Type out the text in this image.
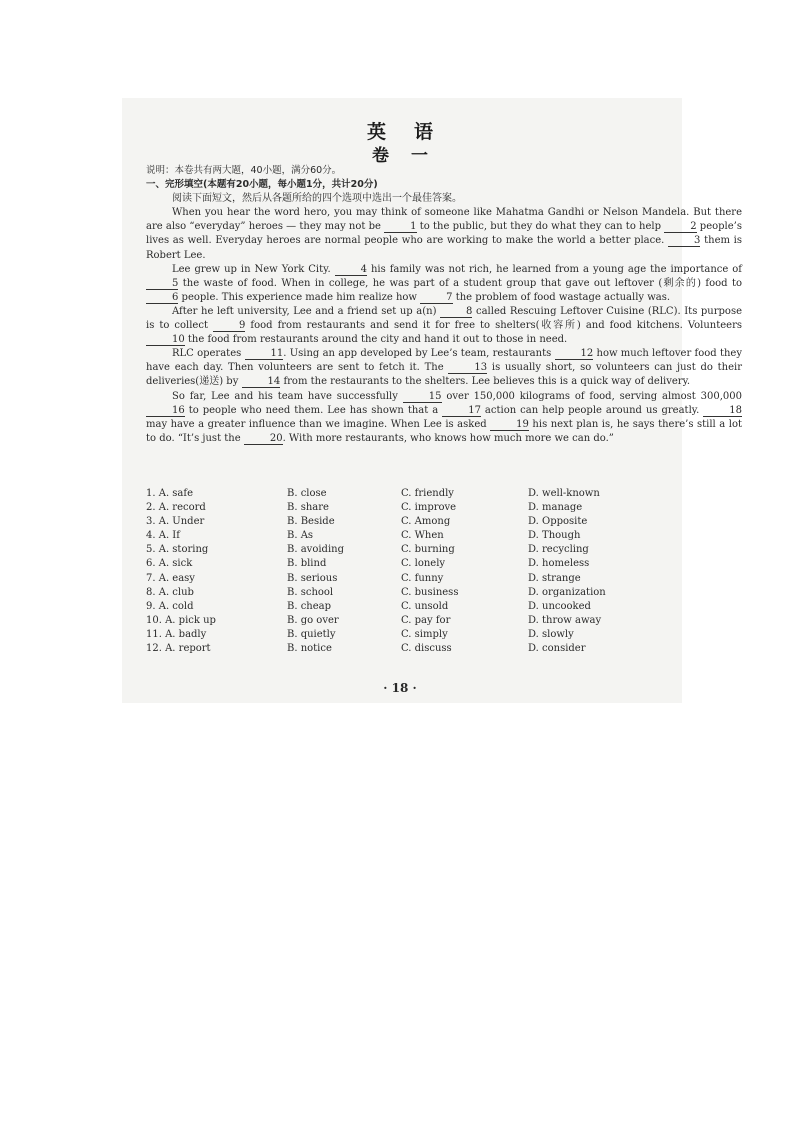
英语
卷一

说明：本卷共有两大题，40小题，满分60分。

一、完形填空(本题有20小题，每小题1分，共计20分)

阅读下面短文，然后从各题所给的四个选项中选出一个最佳答案。

When you hear the word hero, you may think of someone like Mahatma Gandhi or Nelson Mandela. But there are also “everyday” heroes — they may not be	1 to the public, but they do what they can to help	2 people’s lives as well. Everyday heroes are normal people who are working to make the world a better place.	3 them is Robert Lee.

Lee grew up in New York City.	4 his family was not rich, he learned from a young age the importance of 5 the waste of food. When in college, he was part of a student group that gave out leftover (剩余的) food to 6 people. This experience made him realize how	7 the problem of food wastage actually was.

After he left university, Lee and a friend set up a(n)	8 called Rescuing Leftover Cuisine (RLC). Its purpose is to collect	9 food from restaurants and send it for free to shelters(收容所) and food kitchens. Volunteers 10 the food from restaurants around the city and hand it out to those in need.

RLC operates	11. Using an app developed by Lee’s team, restaurants	12 how much leftover food they have each day. Then volunteers are sent to fetch it. The	13 is usually short, so volunteers can just do their deliveries(递送) by	14 from the restaurants to the shelters. Lee believes this is a quick way of delivery.

So far, Lee and his team have successfully	15 over 150,000 kilograms of food, serving almost 300,000 16 to people who need them. Lee has shown that a	17 action can help people around us greatly.	18 may have a greater influence than we imagine. When Lee is asked	19 his next plan is, he says there’s still a lot to do. “It’s just the	20. With more restaurants, who knows how much more we can do.”

1. A. safe	B. close	C. friendly	D. well-known
2. A. record	B. share	C. improve	D. manage
3. A. Under	B. Beside	C. Among	D. Opposite
4. A. If	B. As	C. When	D. Though
5. A. storing	B. avoiding	C. burning	D. recycling
6. A. sick	B. blind	C. lonely	D. homeless
7. A. easy	B. serious	C. funny	D. strange
8. A. club	B. school	C. business	D. organization
9. A. cold	B. cheap	C. unsold	D. uncooked
10. A. pick up	B. go over	C. pay for	D. throw away
11. A. badly	B. quietly	C. simply	D. slowly
12. A. report	B. notice	C. discuss	D. consider
· 18 ·
